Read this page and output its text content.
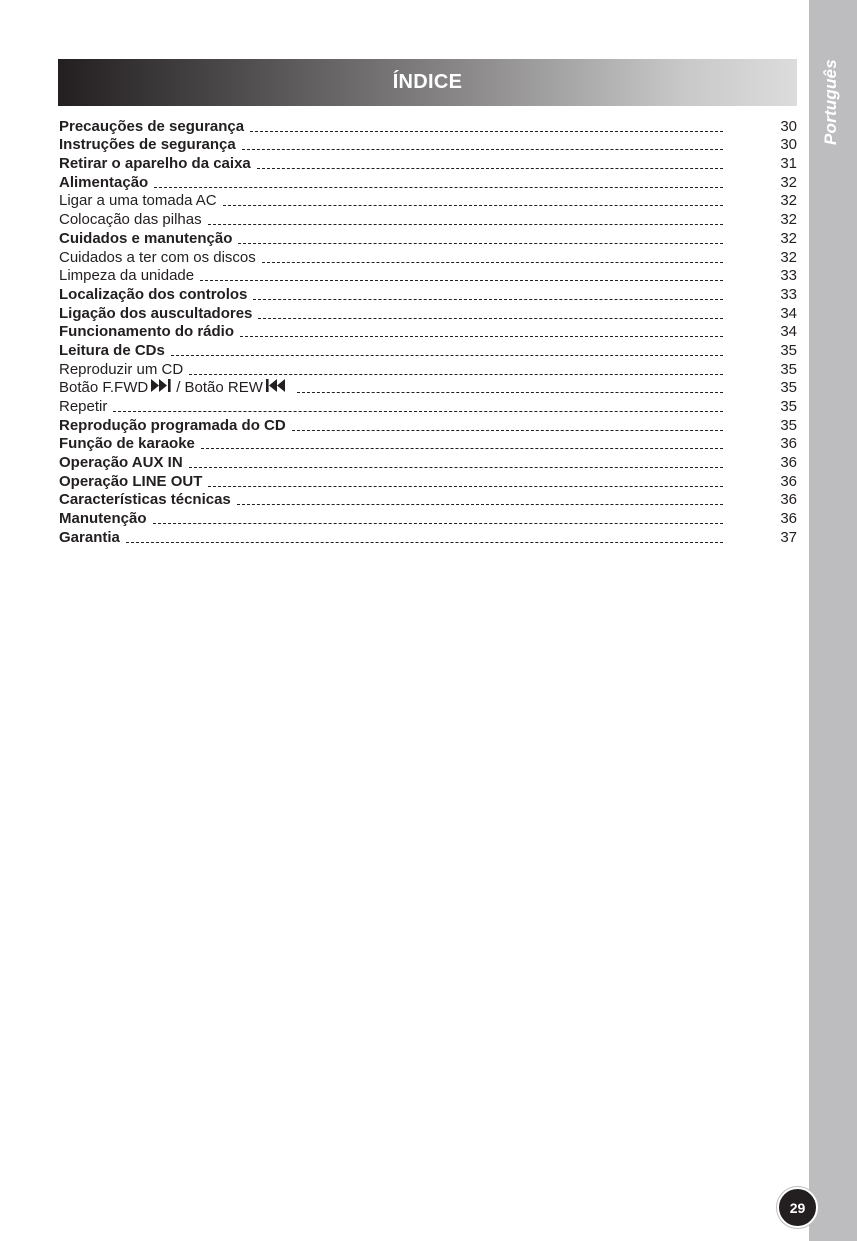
Português
ÍNDICE
Precauções de segurança	30
Instruções de segurança	30
Retirar o aparelho da caixa	31
Alimentação	32
Ligar a uma tomada AC	32
Colocação das pilhas	32
Cuidados e manutenção	32
Cuidados a ter com os discos	32
Limpeza da unidade	33
Localização dos controlos	33
Ligação dos auscultadores	34
Funcionamento do rádio	34
Leitura de CDs	35
Reproduzir um CD	35
Botão F.FWD / Botão REW	35
Repetir	35
Reprodução programada do CD	35
Função de karaoke	36
Operação AUX IN	36
Operação LINE OUT	36
Características técnicas	36
Manutenção	36
Garantia	37
29
